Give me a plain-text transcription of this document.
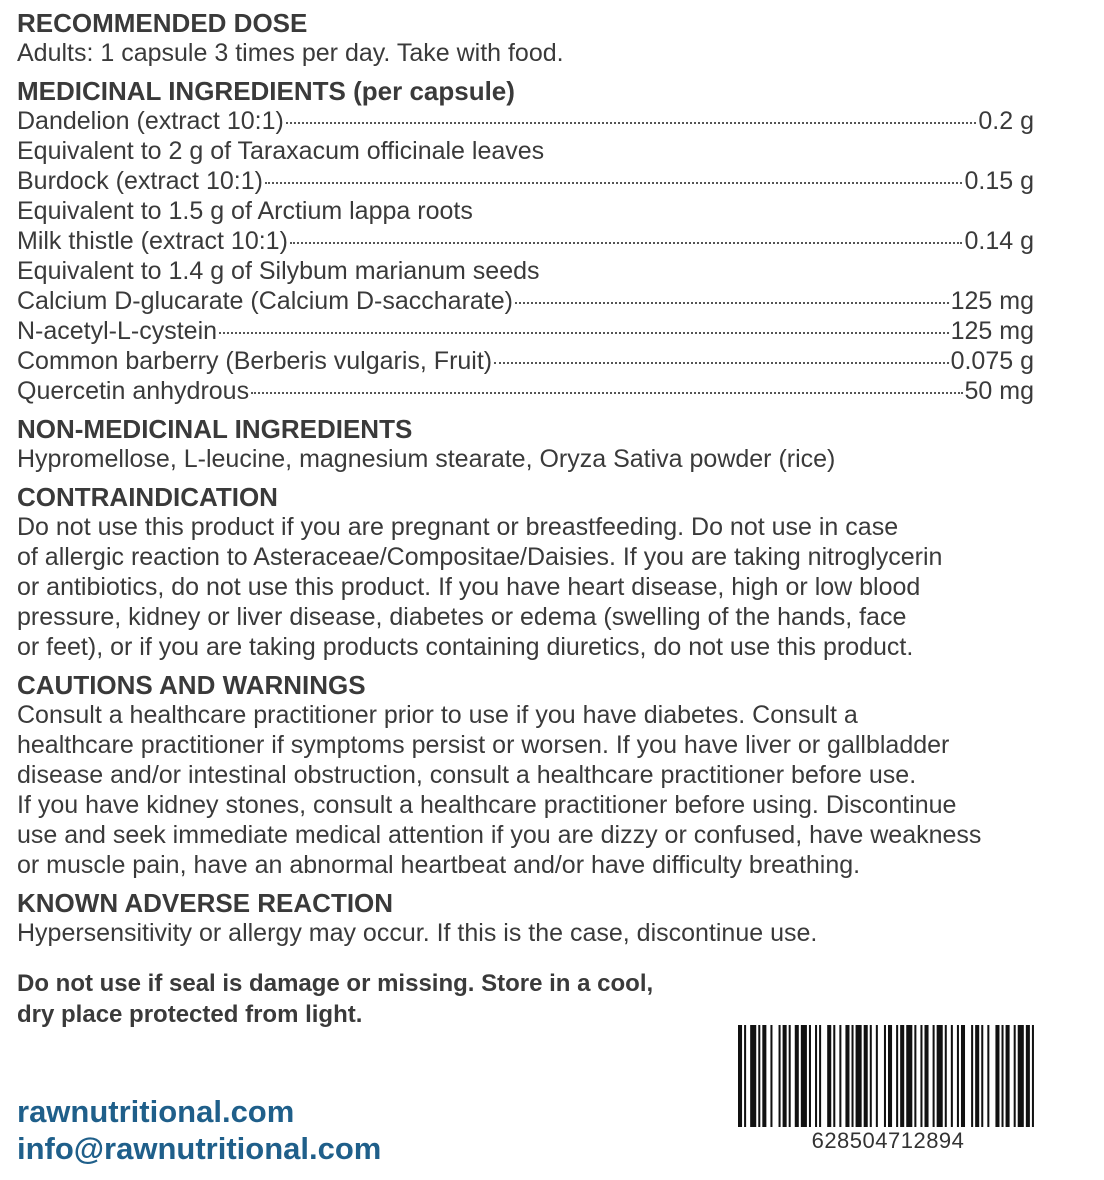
RECOMMENDED DOSE
Adults: 1 capsule 3 times per day. Take with food.
MEDICINAL INGREDIENTS (per capsule)
Dandelion (extract 10:1)	0.2 g
Equivalent to 2 g of Taraxacum officinale leaves
Burdock (extract 10:1)	0.15 g
Equivalent to 1.5 g of Arctium lappa roots
Milk thistle (extract 10:1)	0.14 g
Equivalent to 1.4 g of Silybum marianum seeds
Calcium D-glucarate (Calcium D-saccharate)	125 mg
N-acetyl-L-cystein	125 mg
Common barberry (Berberis vulgaris, Fruit)	0.075 g
Quercetin anhydrous	50 mg
NON-MEDICINAL INGREDIENTS
Hypromellose, L-leucine, magnesium stearate, Oryza Sativa powder (rice)
CONTRAINDICATION
Do not use this product if you are pregnant or breastfeeding. Do not use in case
of allergic reaction to Asteraceae/Compositae/Daisies. If you are taking nitroglycerin
or antibiotics, do not use this product. If you have heart disease, high or low blood
pressure, kidney or liver disease, diabetes or edema (swelling of the hands, face
or feet), or if you are taking products containing diuretics, do not use this product.
CAUTIONS AND WARNINGS
Consult a healthcare practitioner prior to use if you have diabetes. Consult a
healthcare practitioner if symptoms persist or worsen. If you have liver or gallbladder
disease and/or intestinal obstruction, consult a healthcare practitioner before use.
If you have kidney stones, consult a healthcare practitioner before using. Discontinue
use and seek immediate medical attention if you are dizzy or confused, have weakness
or muscle pain, have an abnormal heartbeat and/or have difficulty breathing.
KNOWN ADVERSE REACTION
Hypersensitivity or allergy may occur. If this is the case, discontinue use.
Do not use if seal is damage or missing. Store in a cool,
dry place protected from light.
rawnutritional.com
info@rawnutritional.com	628504712894
